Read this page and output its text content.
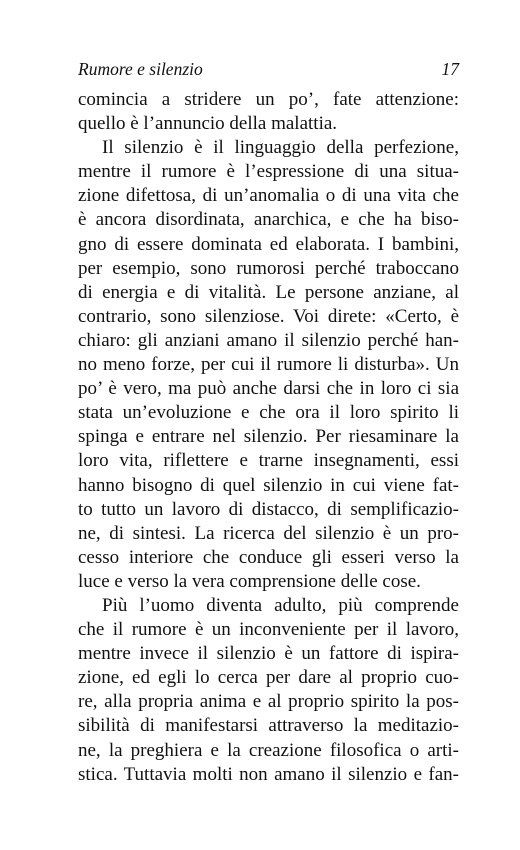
Rumore e silenzio	17
comincia a stridere un po’, fate attenzione:
quello è l’annuncio della malattia.
Il silenzio è il linguaggio della perfezione,
mentre il rumore è l’espressione di una situa-
zione difettosa, di un’anomalia o di una vita che
è ancora disordinata, anarchica, e che ha biso-
gno di essere dominata ed elaborata. I bambini,
per esempio, sono rumorosi perché traboccano
di energia e di vitalità. Le persone anziane, al
contrario, sono silenziose. Voi direte: «Certo, è
chiaro: gli anziani amano il silenzio perché han-
no meno forze, per cui il rumore li disturba». Un
po’ è vero, ma può anche darsi che in loro ci sia
stata un’evoluzione e che ora il loro spirito li
spinga e entrare nel silenzio. Per riesaminare la
loro vita, riflettere e trarne insegnamenti, essi
hanno bisogno di quel silenzio in cui viene fat-
to tutto un lavoro di distacco, di semplificazio-
ne, di sintesi. La ricerca del silenzio è un pro-
cesso interiore che conduce gli esseri verso la
luce e verso la vera comprensione delle cose.
Più l’uomo diventa adulto, più comprende
che il rumore è un inconveniente per il lavoro,
mentre invece il silenzio è un fattore di ispira-
zione, ed egli lo cerca per dare al proprio cuo-
re, alla propria anima e al proprio spirito la pos-
sibilità di manifestarsi attraverso la meditazio-
ne, la preghiera e la creazione filosofica o arti-
stica. Tuttavia molti non amano il silenzio e fan-
